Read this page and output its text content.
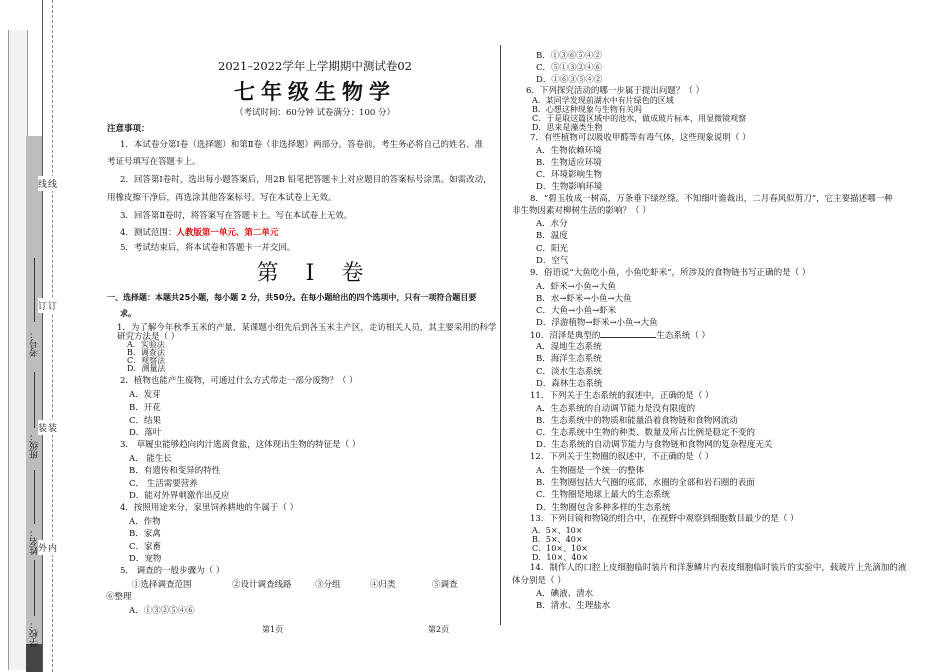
线
订
装
外
线
订
装
内
考号：
班级：
姓名：
学校：
2021–2022学年上学期期中测试卷02
七年级生物学
（考试时间：60分钟 试卷满分：100 分）
注意事项：
1．本试卷分第Ⅰ卷（选择题）和第Ⅱ卷（非选择题）两部分。答卷前，考生务必将自己的姓名、准
考证号填写在答题卡上。
2．回答第Ⅰ卷时，选出每小题答案后，用2B 铅笔把答题卡上对应题目的答案标号涂黑。如需改动，
用橡皮擦干净后，再选涂其他答案标号。写在本试卷上无效。
3．回答第Ⅱ卷时，将答案写在答题卡上。写在本试卷上无效。
4．测试范围：人教版第一单元、第二单元
5．考试结束后，将本试卷和答题卡一并交回。
第 Ⅰ 卷
一、选择题：本题共25小题，每小题 2 分，共50分。在每小题给出的四个选项中，只有一项符合题目要
求。
1．为了解今年秋季玉米的产量，某课题小组先后到各玉米主产区，走访相关人员，其主要采用的科学
研究方法是（ ）
A．实验法
B．调查法
C．观察法
D．测量法
2．植物也能产生废物，可通过什么方式带走一部分废物？（ ）
A．发芽
B．开花
C．结果
D．落叶
3． 草履虫能够趋向肉汁逃离食盐，这体现出生物的特征是（ ）
A． 能生长
B．有遗传和变异的特性
C． 生活需要营养
D．能对外界刺激作出反应
4．按照用途来分，家里饲养耕地的牛属于（ ）
A．作物
B．家禽
C．家畜
D．宠物
5． 调查的一般步骤为（ ）
①选择调查范围	②设计调查线路	③分组	④归类	⑤调查
⑥整理
A．①③②⑤④⑥
第1页
B．①③⑥⑤④②
C．⑤①③②④⑥
D．①⑥③⑤④②
6．下列探究活动的哪一步属于提出问题？（ ）
A．某同学发现前湖水中有片绿色的区域
B．心想这种现象与生物有关吗
C．于是取这篇区域中的池水，做成玻片标本，用显微镜观察
D．思来是藻类生物
7．有些植物可以吸收甲醛等有毒气体，这些现象说明（ ）
A．生物依赖环境
B．生物适应环境
C．环境影响生物
D．生物影响环境
8．“碧玉妆成一树高，万条垂下绿丝绦。不知细叶谁裁出，二月春风似剪刀”，它主要描述哪一种
非生物因素对柳树生活的影响？（ ）
A．水分
B．温度
C．阳光
D．空气
9．俗语说“大鱼吃小鱼，小鱼吃虾米”，所涉及的食物链书写正确的是（ ）
A．虾米→小鱼→大鱼
B．水→虾米→小鱼→大鱼
C．大鱼→小鱼→虾米
D．浮游植物→虾米→小鱼→大鱼
10．沼泽是典型的	生态系统（ ）
A．湿地生态系统
B．海洋生态系统
C．淡水生态系统
D．森林生态系统
11．下列关于生态系统的叙述中，正确的是（ ）
A．生态系统的自动调节能力是没有限度的
B．生态系统中的物质和能量沿着食物链和食物网流动
C．生态系统中生物的种类、数量及所占比例是稳定不变的
D．生态系统的自动调节能力与食物链和食物网的复杂程度无关
12．下列关于生物圈的叙述中，不正确的是（ ）
A．生物圈是一个统一的整体
B．生物圈包括大气圈的底部，水圈的全部和岩石圈的表面
C．生物圈是地球上最大的生态系统
D．生物圈包含多种多样的生态系统
13．下列目镜和物镜的组合中，在视野中观察到细胞数目最少的是（ ）
A．5×、10×
B．5×、40×
C．10×、10×
D．10×、40×
14．制作人的口腔上皮细胞临时装片和洋葱鳞片内表皮细胞临时装片的实验中，载玻片上先滴加的液
体分别是（ ）
A．碘液、清水
B．清水、生理盐水
第2页
